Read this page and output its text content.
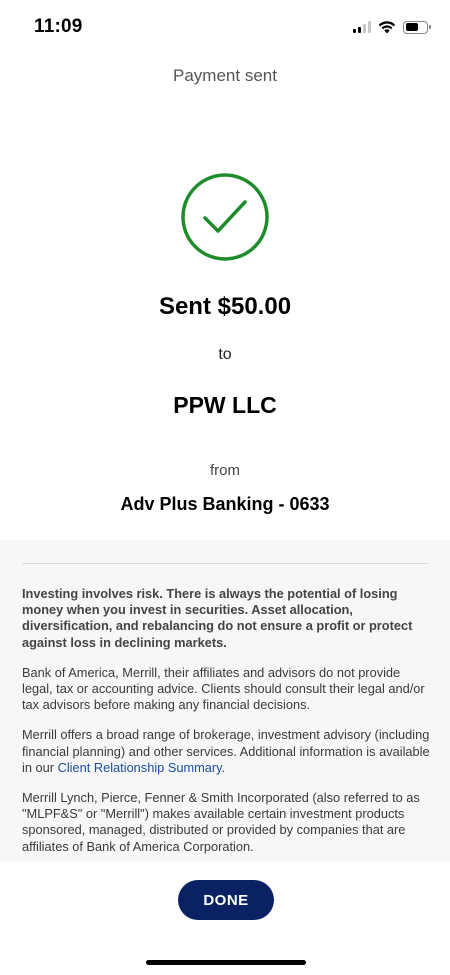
11:09
Payment sent
Sent $50.00
to
PPW LLC
from
Adv Plus Banking - 0633

Investing involves risk. There is always the potential of losing money when you invest in securities. Asset allocation, diversification, and rebalancing do not ensure a profit or protect against loss in declining markets.

Bank of America, Merrill, their affiliates and advisors do not provide legal, tax or accounting advice. Clients should consult their legal and/or tax advisors before making any financial decisions.

Merrill offers a broad range of brokerage, investment advisory (including financial planning) and other services. Additional information is available in our Client Relationship Summary.

Merrill Lynch, Pierce, Fenner & Smith Incorporated (also referred to as "MLPF&S" or "Merrill") makes available certain investment products sponsored, managed, distributed or provided by companies that are affiliates of Bank of America Corporation.

DONE
